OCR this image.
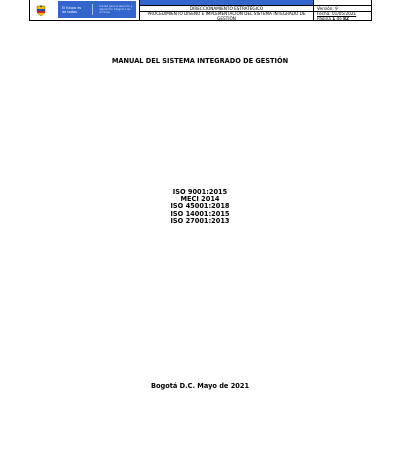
El futuro es de todos
Unidad para la atención y reparación integral a las víctimas
DIRECCIONAMIENTO ESTRATÉGICO	Versión: 9
PROCEDIMIENTO DISEÑO E IMPLEMENTACIÓN DEL SISTEMA INTEGRADO DE GESTIÓN
Fecha: 01/05/2021
Página 1 de 82
MANUAL DEL SISTEMA INTEGRADO DE GESTIÓN
ISO 9001:2015
MECI 2014
ISO 45001:2018
ISO 14001:2015
ISO 27001:2013
Bogotá D.C. Mayo de 2021
